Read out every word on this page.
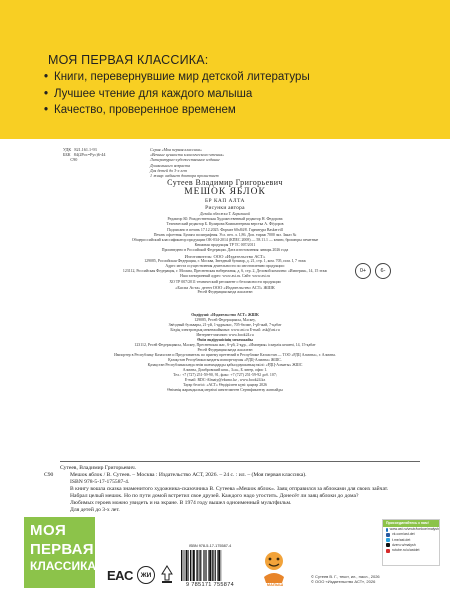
МОЯ ПЕРВАЯ КЛАССИКА:
• Книги, перевернувшие мир детской литературы
• Лучшее чтение для каждого малыша
• Качество, проверенное временем
УДК 821.161.1-93
ББК 84(2Рос=Рус)6-44
С90
Серия «Моя первая классика»
«Вечные ценности классического чтения»
Литературно-художественное издание
Дошкольного возраста
Для детей до 3-х лет
1 жанр: кабинет доктора пролистает
Сутеев Владимир Григорьевич
МЕШОК ЯБЛОК
БР КАП АЛТА
Рисунки автора

Дизайн обложки Т. Барилиной

Редактор Ю. Рождественская Художественный редактор Н. Федорова

Технический редактор Б. Кулирова Компьютерная верстка А. Фёдоров

Подписано в печать 17.12.2025. Формат 60х84/8. Гарнитура Baskervill

Печать офсетная. Бумага полиграфная. Усл. печ. л. 1,86. Доп. тираж 7000 экз. Заказ №

Общероссийский классификатор продукции ОК-034-2014 (КПЕС 2008) — 58.11.1 — книги, брошюры печатные

Книжная продукция ТР ТС 007/2011

Произведено в Российской Федерации. Дата изготовления: январь 2026 года

Изготовитель: ООО «Издательство АСТ»

129085, Российская Федерация, г. Москва, Звездный бульвар, д. 21, стр. 1, ком. 705, пом. I, 7 этаж

Адрес места осуществления деятельности по изготовлению продукции:

123112, Российская Федерация, г. Москва, Пресненская набережная, д. 6, стр. 2, Деловой комплекс «Империя», 14, 15 этаж

Наш электронный адрес: www.ast.ru. Сайт: www.ast.ru

ХО ТР 007/2011 технический регламент о безопасности продукции

«Баспа Аста» деген ООО «Издательство АСТ» ЖШК

Ресей Федерациясында жасалған

0+	6-

Ондіруші: «Издательство АСТ» ЖШК

129085, Ресей Федерациясы, Мәскеу,

Звёздный бульвары, 21-үй, 1-құрылыс, 705-бөлме, I-үй-жай, 7-қабат

Біздің электрондық мекенжайымыз: www.ast.ru E-mail: ask@ast.ru

Интернет-магазин: www.book24.ru

Өнім өндірушісінің мекенжайы

123112, Ресей Федерациясы, Мәскеу, Пресненская жаг., 6-үй, 2-құр., «Империя» іскерлік кешені, 14, 15-қабат

Ресей Федерациясында жасалған

Импортер в Республику Казахстан и Представитель по приему претензий в Республике Казахстан — ТОО «РДЦ Алматы», г. Алматы.

Қазақстан Республикасындағы импорттаушы «РДЦ-Алматы» ЖШС.

Қазақстан Республикасында өнім шағымдарды қабылдаушының өкілі: «РДЦ-Алматы» ЖШС

Алматы, Домбровский көш., 3«а», Б литер, офис 1.

Тел.: +7 (727) 251-59-90, 91, факс: +7 (727) 251-59-92 доб. 107;

E-mail: RDC-Almaty@eksmo.kz , www.book24.kz

Тауар белгісі: «АСТ» Өндірілген күні: қаңтар 2026

Өнімнің жарамдылық мерзімі шектелмеген Сертификаттау жатпайды

С90
Сутеев, Владимир Григорьевич.
Мешок яблок / В. Сутеев. – Москва : Издательство АСТ, 2026. – 24 с. : ил. – (Моя первая классика).
ISBN 978-5-17-175587-4.
В книгу вошла сказка знаменитого художника-сказочника В. Сутеева «Мешок яблок». Заяц отправился за яблоками для своих зайчат. Набрал целый мешок. Но по пути домой встретил свое друзей. Каждого надо угостить. Донесёт ли заяц яблоки до дома?
Любимых героев можно увидеть и на экране. В 1974 году вышел одноименный мультфильм.
Для детей до 3-х лет.
МОЯ
ПЕРВАЯ
КЛАССИКА
EAC	ЖИ
ISBN 978-5-17-175587-4
9 785171 755874	МАЛЫШ
© Сутеев В. Г., текст, ил., насл., 2026
© ООО «Издательство АСТ», 2026
Присоединяйтесь к нам!
www.ast.ru/vnutr/tonkoe/malysh
vk.com/ast.det
t.me/ast.det
dzen.ru/malysh
rutube.ru/u/astdet
